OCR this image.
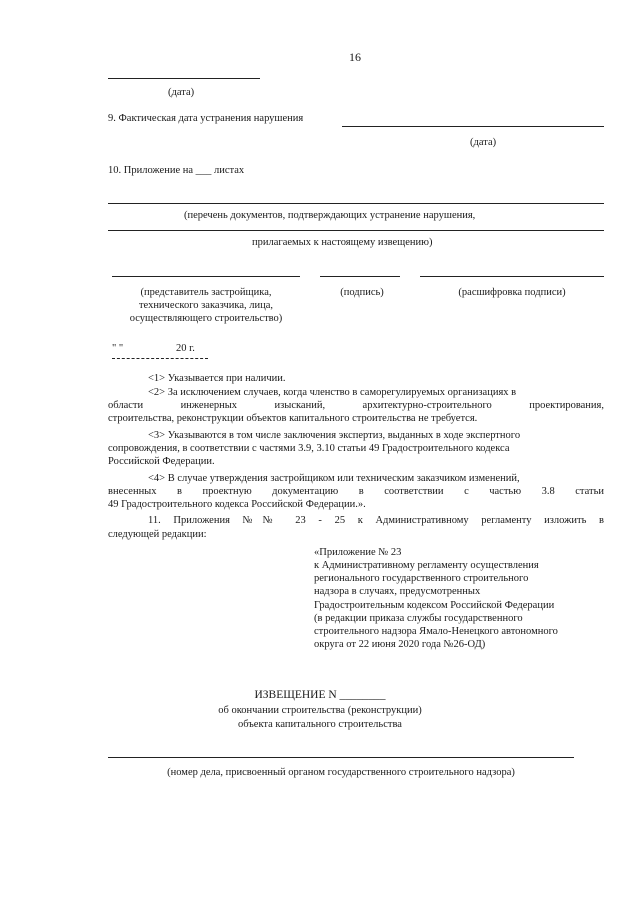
16
(дата)
9. Фактическая дата устранения нарушения
(дата)
10. Приложение на ___ листах
(перечень документов, подтверждающих устранение нарушения,
прилагаемых к настоящему извещению)
(представитель застройщика,
технического заказчика, лица,
осуществляющего строительство)
(подпись)	(расшифровка подписи)
" "	20 г.
<1> Указывается при наличии.
<2> За исключением случаев, когда членство в саморегулируемых организациях в
области инженерных изысканий, архитектурно-строительного проектирования,
строительства, реконструкции объектов капитального строительства не требуется.
<3> Указываются в том числе заключения экспертиз, выданных в ходе экспертного
сопровождения, в соответствии с частями 3.9, 3.10 статьи 49 Градостроительного кодекса
Российской Федерации.
<4> В случае утверждения застройщиком или техническим заказчиком изменений,
внесенных в проектную документацию в соответствии с частью 3.8 статьи
49 Градостроительного кодекса Российской Федерации.».
11. Приложения №№ 23 - 25 к Административному регламенту изложить в
следующей редакции:
«Приложение № 23
к Административному регламенту осуществления
регионального государственного строительного
надзора в случаях, предусмотренных
Градостроительным кодексом Российской Федерации
(в редакции приказа службы государственного
строительного надзора Ямало-Ненецкого автономного
округа от 22 июня 2020 года №26-ОД)
ИЗВЕЩЕНИЕ N ________
об окончании строительства (реконструкции)
объекта капитального строительства
(номер дела, присвоенный органом государственного строительного надзора)
